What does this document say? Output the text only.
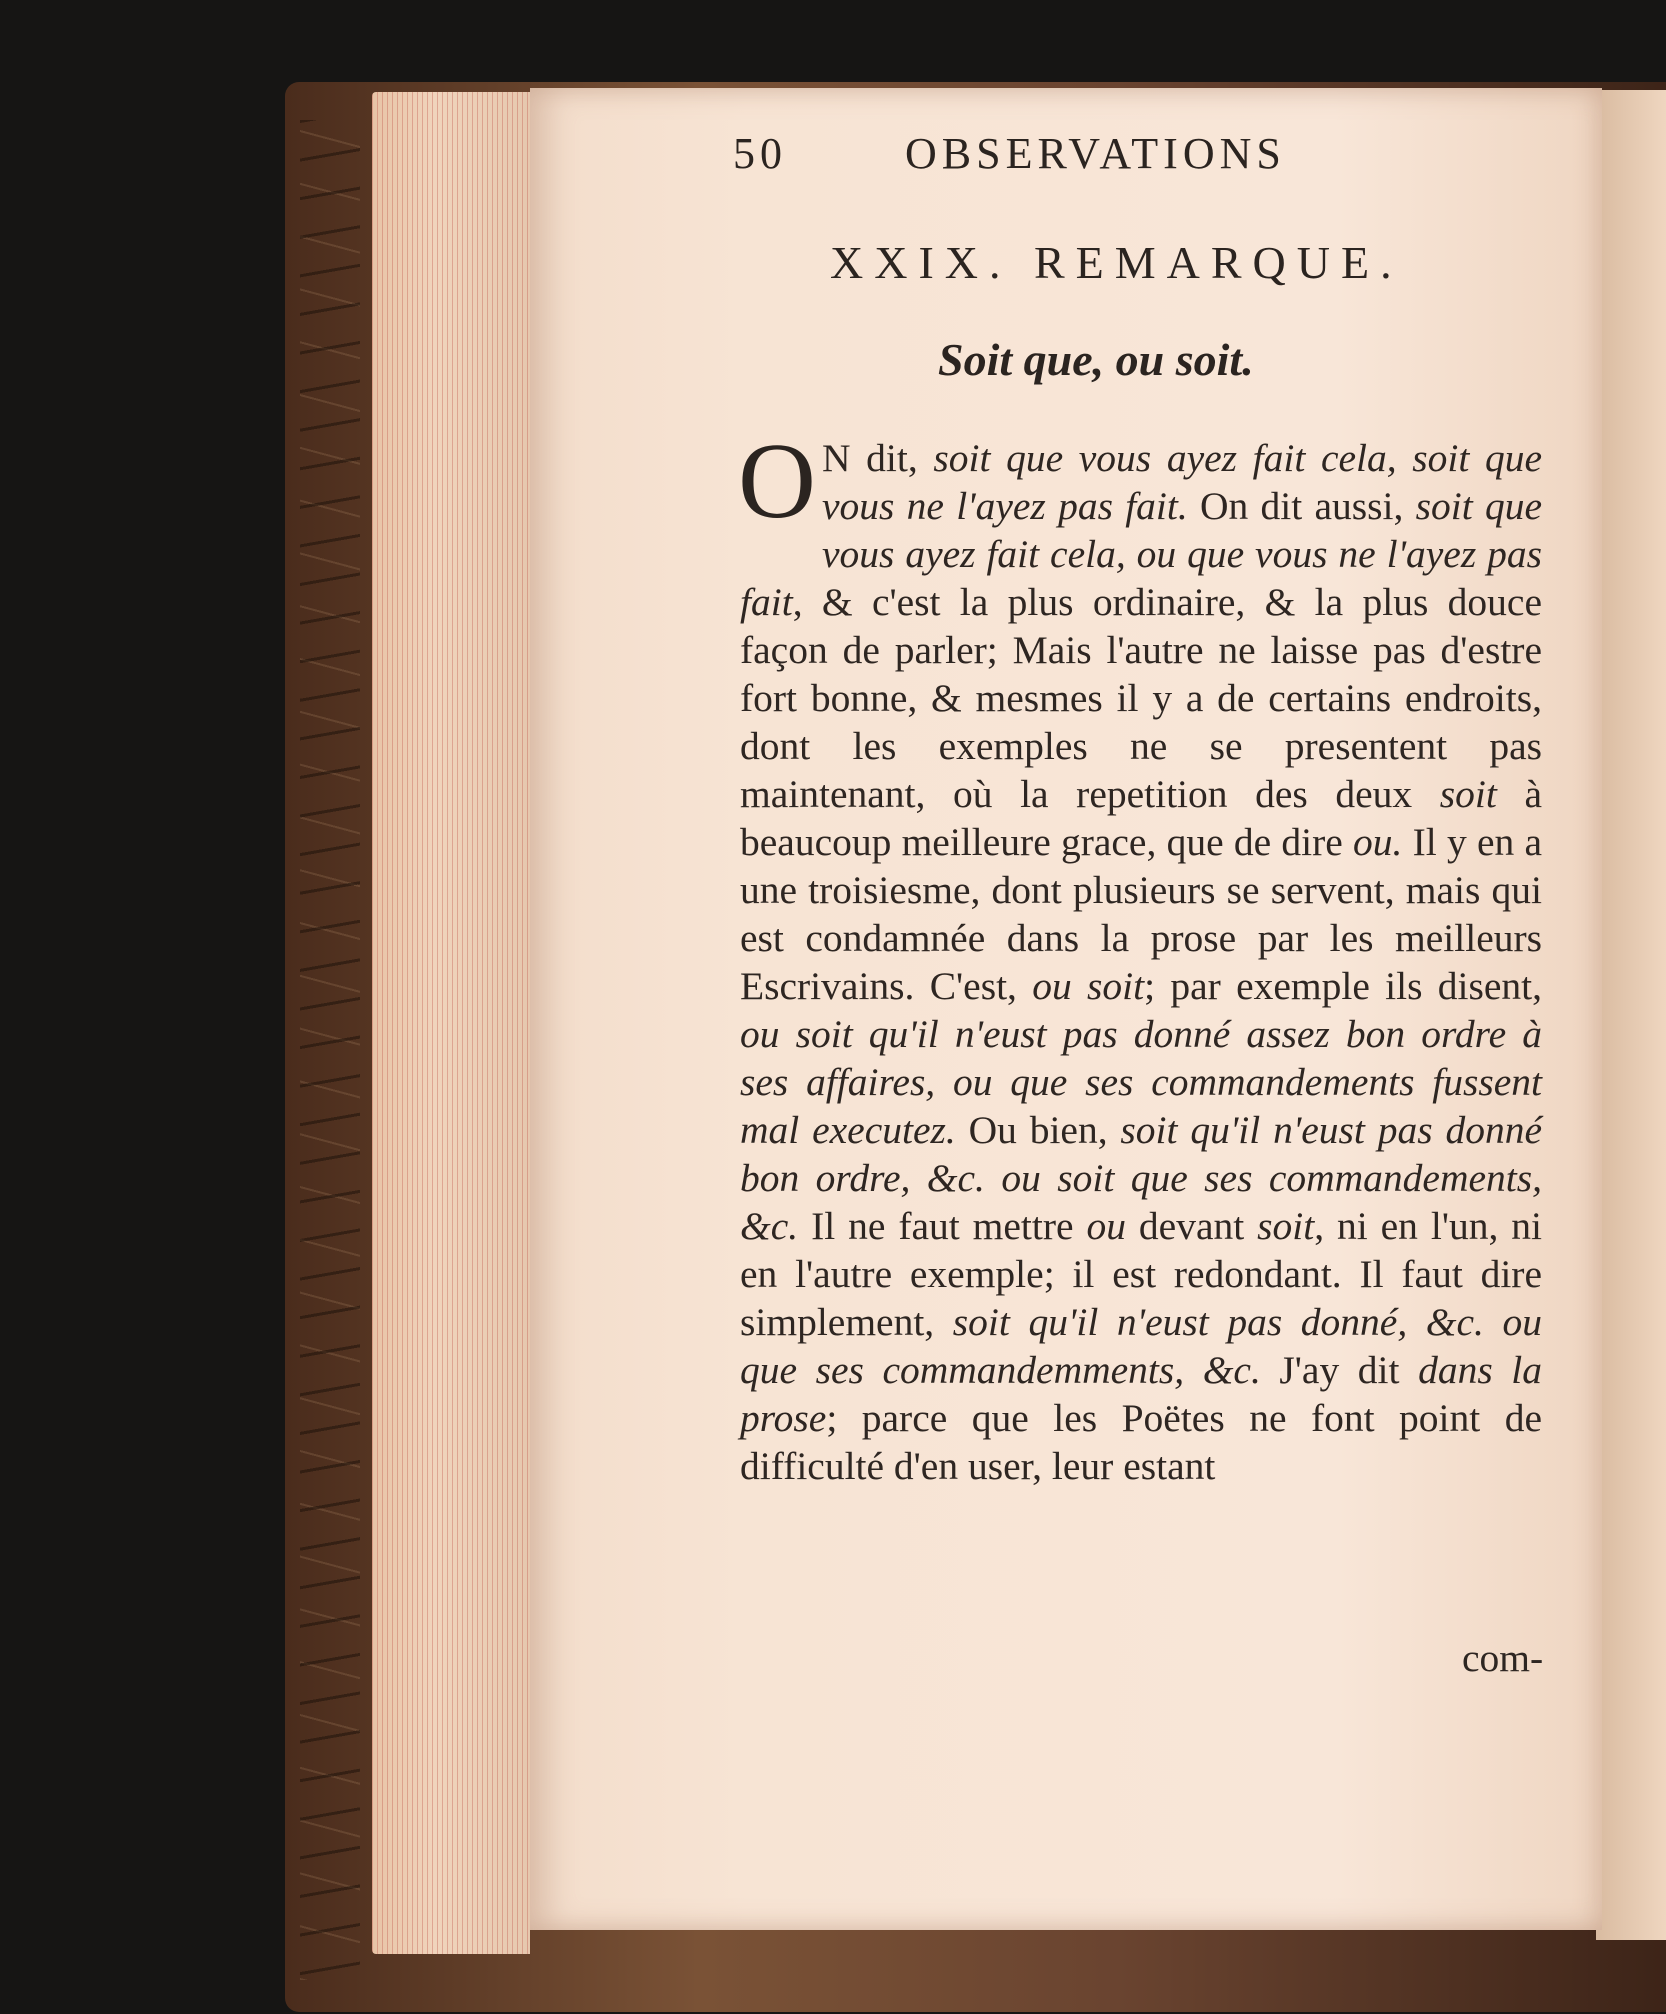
50	OBSERVATIONS
XXIX. REMARQUE.
Soit que, ou soit.
O N dit, soit que vous ayez fait cela, soit que vous ne l'ayez pas fait. On dit aussi, soit que vous ayez fait cela, ou que vous ne l'ayez pas fait, & c'est la plus ordinaire, & la plus douce façon de parler; Mais l'autre ne laisse pas d'estre fort bonne, & mesmes il y a de certains endroits, dont les exemples ne se presentent pas maintenant, où la repetition des deux soit à beaucoup meilleure grace, que de dire ou. Il y en a une troisiesme, dont plusieurs se servent, mais qui est condamnée dans la prose par les meilleurs Escrivains. C'est, ou soit; par exemple ils disent, ou soit qu'il n'eust pas donné assez bon ordre à ses affaires, ou que ses commandements fussent mal executez. Ou bien, soit qu'il n'eust pas donné bon ordre, &c. ou soit que ses commandements, &c. Il ne faut mettre ou devant soit, ni en l'un, ni en l'autre exemple; il est redondant. Il faut dire simplement, soit qu'il n'eust pas donné, &c. ou que ses commandemments, &c. J'ay dit dans la prose; parce que les Poëtes ne font point de difficulté d'en user, leur estant
com-
